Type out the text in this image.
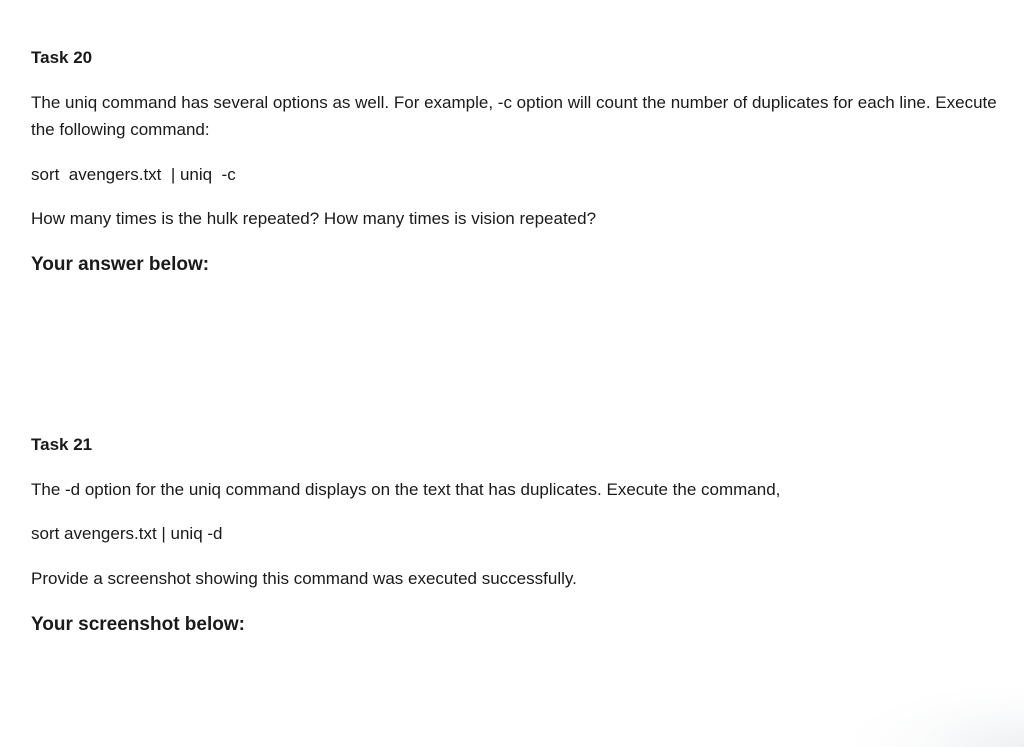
Task 20

The uniq command has several options as well. For example, -c option will count the number of duplicates for each line. Execute the following command:

sort  avengers.txt  | uniq  -c

How many times is the hulk repeated? How many times is vision repeated?

Your answer below:

Task 21

The -d option for the uniq command displays on the text that has duplicates. Execute the command,

sort avengers.txt | uniq -d

Provide a screenshot showing this command was executed successfully.

Your screenshot below:
